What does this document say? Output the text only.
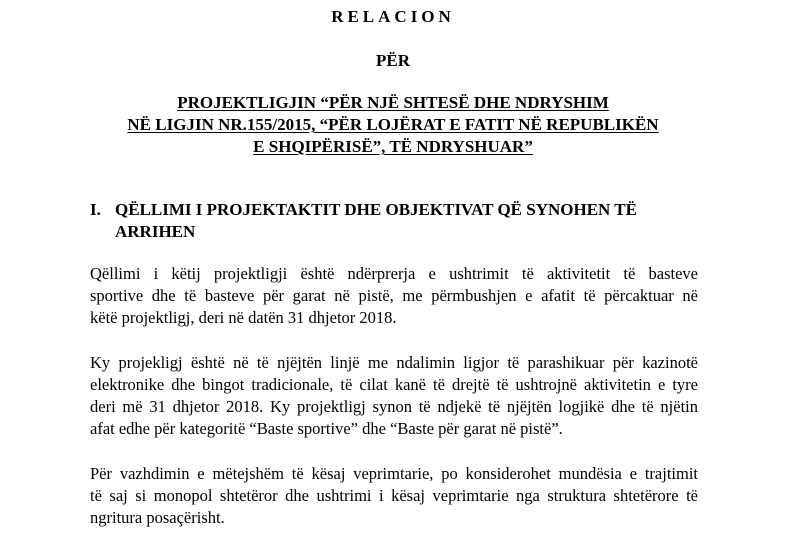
RELACION
PËR
PROJEKTLIGJIN “PËR NJË SHTESË DHE NDRYSHIM
NË LIGJIN NR.155/2015, “PËR LOJËRAT E FATIT NË REPUBLIKËN
E SHQIPËRISË”, TË NDRYSHUAR”
I. QËLLIMI I PROJEKTAKTIT DHE OBJEKTIVAT QË SYNOHEN TË ARRIHEN

Qëllimi i këtij projektligji është ndërprerja e ushtrimit të aktivitetit të basteve
sportive dhe të basteve për garat në pistë, me përmbushjen e afatit të përcaktuar në
këtë projektligj, deri në datën 31 dhjetor 2018.

Ky projekligj është në të njëjtën linjë me ndalimin ligjor të parashikuar për kazinotë
elektronike dhe bingot tradicionale, të cilat kanë të drejtë të ushtrojnë aktivitetin e tyre
deri më 31 dhjetor 2018. Ky projektligj synon të ndjekë të njëjtën logjikë dhe të njëtin
afat edhe për kategoritë “Baste sportive” dhe “Baste për garat në pistë”.

Për vazhdimin e mëtejshëm të kësaj veprimtarie, po konsiderohet mundësia e trajtimit
të saj si monopol shtetëror dhe ushtrimi i kësaj veprimtarie nga struktura shtetërore të
ngritura posaçërisht.
